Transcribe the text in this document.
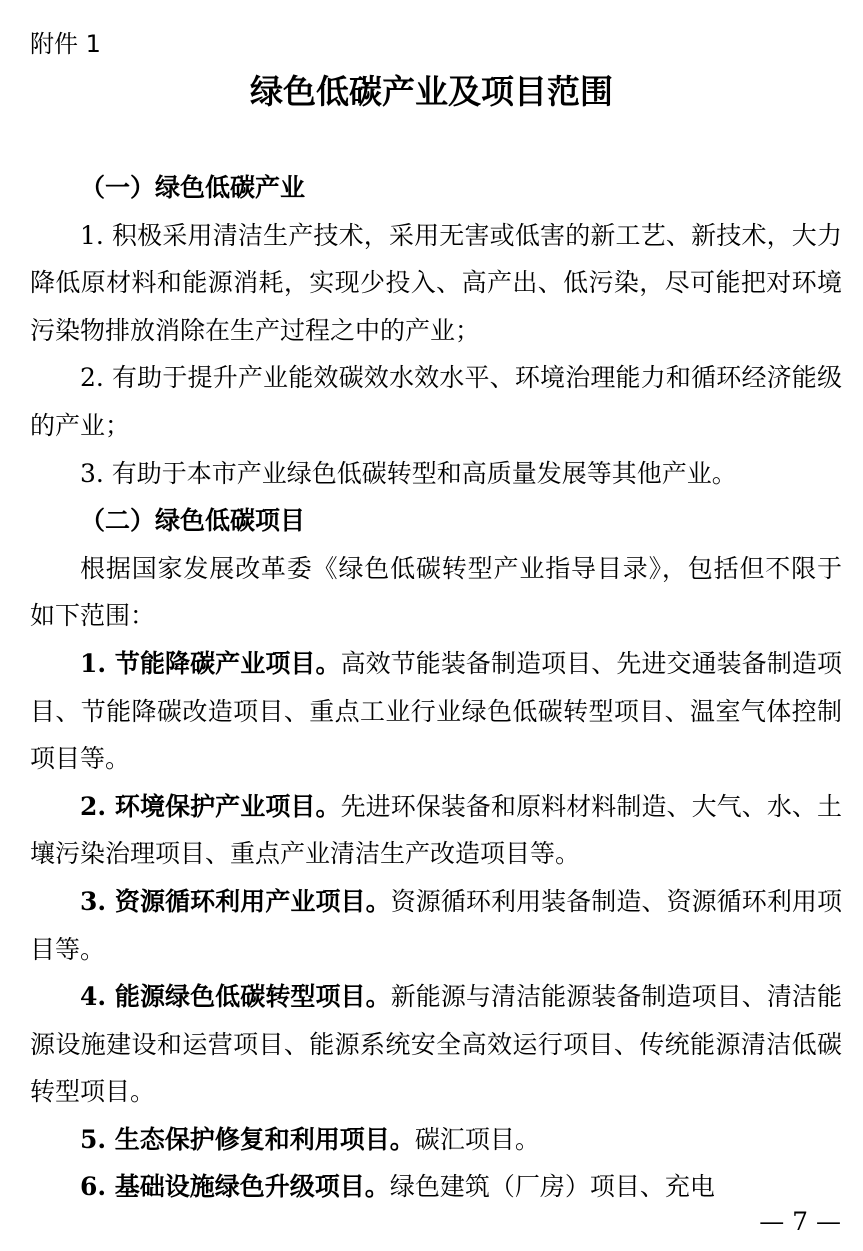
附件 1
绿色低碳产业及项目范围

（一）绿色低碳产业

1. 积极采用清洁生产技术，采用无害或低害的新工艺、新技术，大力降低原材料和能源消耗，实现少投入、高产出、低污染，尽可能把对环境污染物排放消除在生产过程之中的产业；

2. 有助于提升产业能效碳效水效水平、环境治理能力和循环经济能级的产业；

3. 有助于本市产业绿色低碳转型和高质量发展等其他产业。

（二）绿色低碳项目

根据国家发展改革委《绿色低碳转型产业指导目录》，包括但不限于如下范围：

1. 节能降碳产业项目。高效节能装备制造项目、先进交通装备制造项目、节能降碳改造项目、重点工业行业绿色低碳转型项目、温室气体控制项目等。

2. 环境保护产业项目。先进环保装备和原料材料制造、大气、水、土壤污染治理项目、重点产业清洁生产改造项目等。

3. 资源循环利用产业项目。资源循环利用装备制造、资源循环利用项目等。

4. 能源绿色低碳转型项目。新能源与清洁能源装备制造项目、清洁能源设施建设和运营项目、能源系统安全高效运行项目、传统能源清洁低碳转型项目。

5. 生态保护修复和利用项目。碳汇项目。

6. 基础设施绿色升级项目。绿色建筑（厂房）项目、充电

— 7 —
